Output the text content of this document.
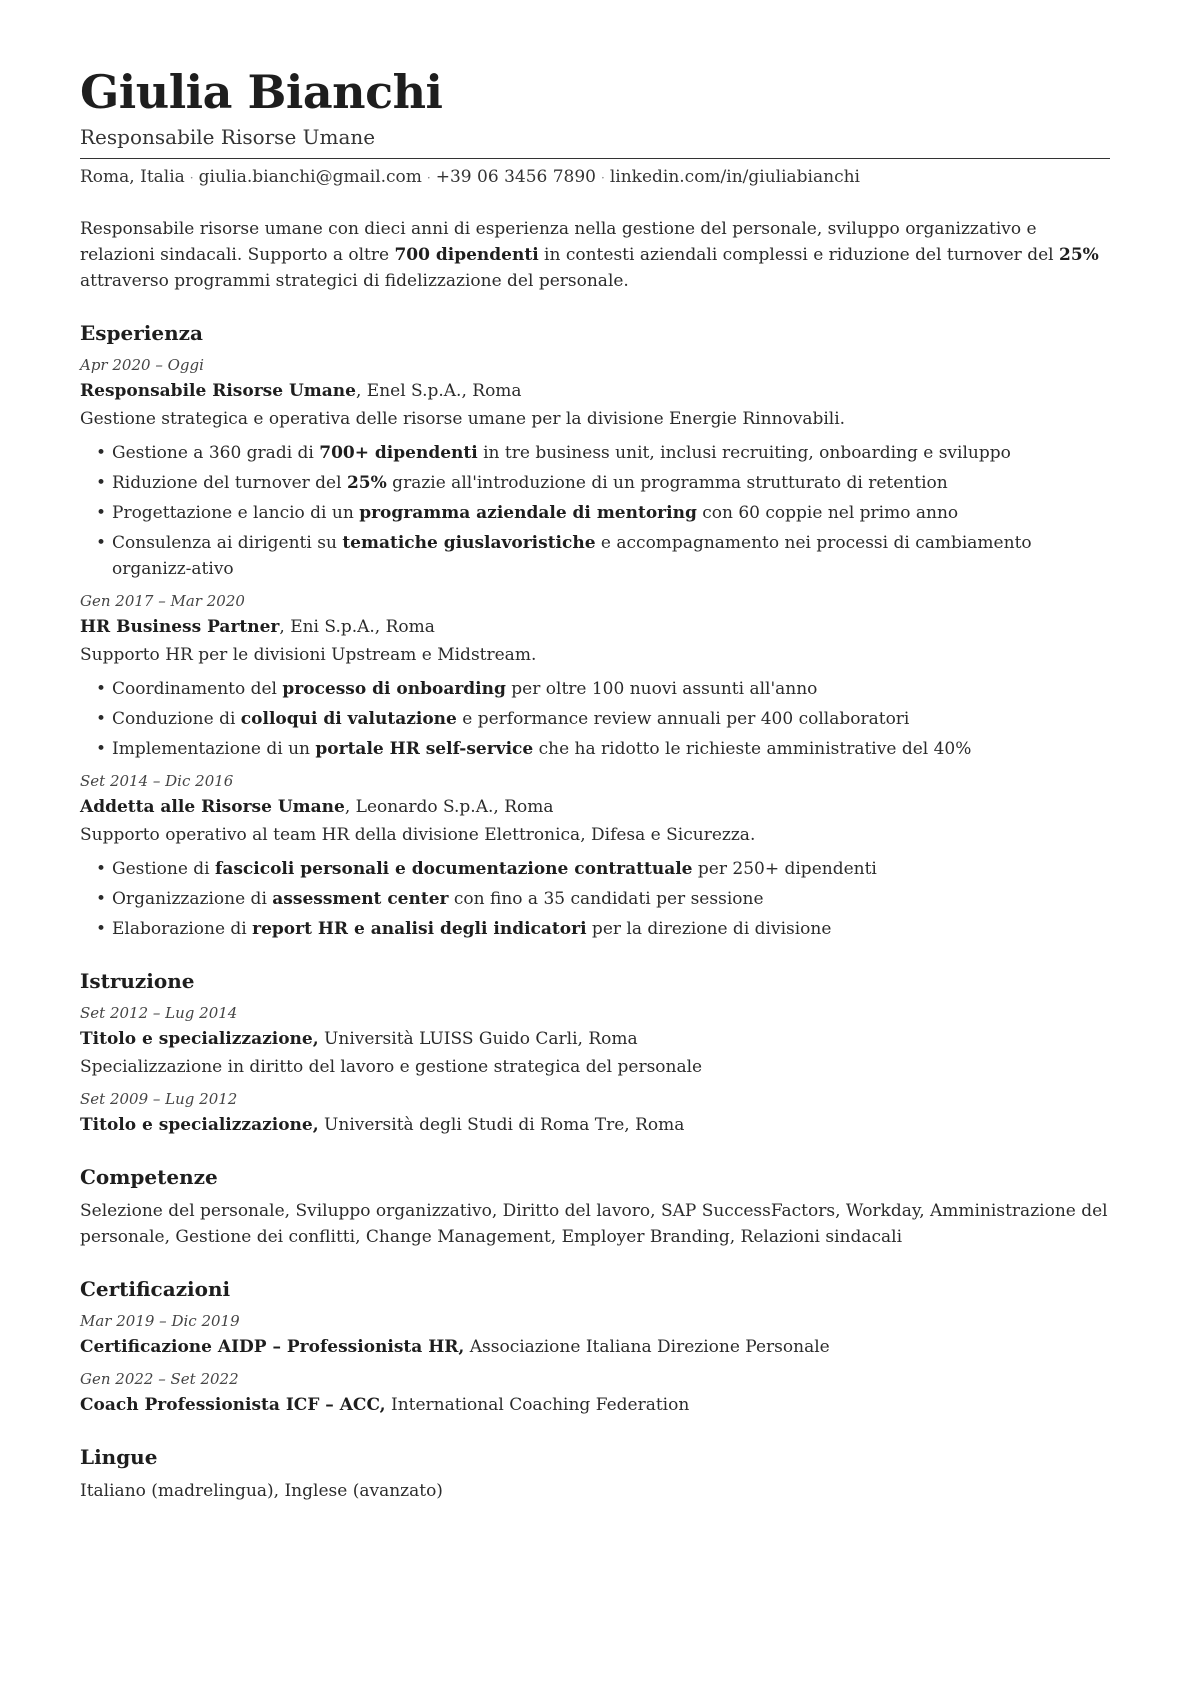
Giulia Bianchi
Responsabile Risorse Umane
Roma, Italia · giulia.bianchi@gmail.com · +39 06 3456 7890 · linkedin.com/in/giuliabianchi
Responsabile risorse umane con dieci anni di esperienza nella gestione del personale, sviluppo organizzativo e relazioni sindacali. Supporto a oltre 700 dipendenti in contesti aziendali complessi e riduzione del turnover del 25% attraverso programmi strategici di fidelizzazione del personale.
Esperienza
Apr 2020 – Oggi
Responsabile Risorse Umane, Enel S.p.A., Roma
Gestione strategica e operativa delle risorse umane per la divisione Energie Rinnovabili.
• Gestione a 360 gradi di 700+ dipendenti in tre business unit, inclusi recruiting, onboarding e sviluppo
• Riduzione del turnover del 25% grazie all'introduzione di un programma strutturato di retention
• Progettazione e lancio di un programma aziendale di mentoring con 60 coppie nel primo anno
• Consulenza ai dirigenti su tematiche giuslavoristiche e accompagnamento nei processi di cambiamento organizz-ativo
Gen 2017 – Mar 2020
HR Business Partner, Eni S.p.A., Roma
Supporto HR per le divisioni Upstream e Midstream.
• Coordinamento del processo di onboarding per oltre 100 nuovi assunti all'anno
• Conduzione di colloqui di valutazione e performance review annuali per 400 collaboratori
• Implementazione di un portale HR self-service che ha ridotto le richieste amministrative del 40%
Set 2014 – Dic 2016
Addetta alle Risorse Umane, Leonardo S.p.A., Roma
Supporto operativo al team HR della divisione Elettronica, Difesa e Sicurezza.
• Gestione di fascicoli personali e documentazione contrattuale per 250+ dipendenti
• Organizzazione di assessment center con fino a 35 candidati per sessione
• Elaborazione di report HR e analisi degli indicatori per la direzione di divisione
Istruzione
Set 2012 – Lug 2014
Titolo e specializzazione, Università LUISS Guido Carli, Roma
Specializzazione in diritto del lavoro e gestione strategica del personale
Set 2009 – Lug 2012
Titolo e specializzazione, Università degli Studi di Roma Tre, Roma
Competenze
Selezione del personale, Sviluppo organizzativo, Diritto del lavoro, SAP SuccessFactors, Workday, Amministrazione del personale, Gestione dei conflitti, Change Management, Employer Branding, Relazioni sindacali
Certificazioni
Mar 2019 – Dic 2019
Certificazione AIDP – Professionista HR, Associazione Italiana Direzione Personale
Gen 2022 – Set 2022
Coach Professionista ICF – ACC, International Coaching Federation
Lingue
Italiano (madrelingua), Inglese (avanzato)
